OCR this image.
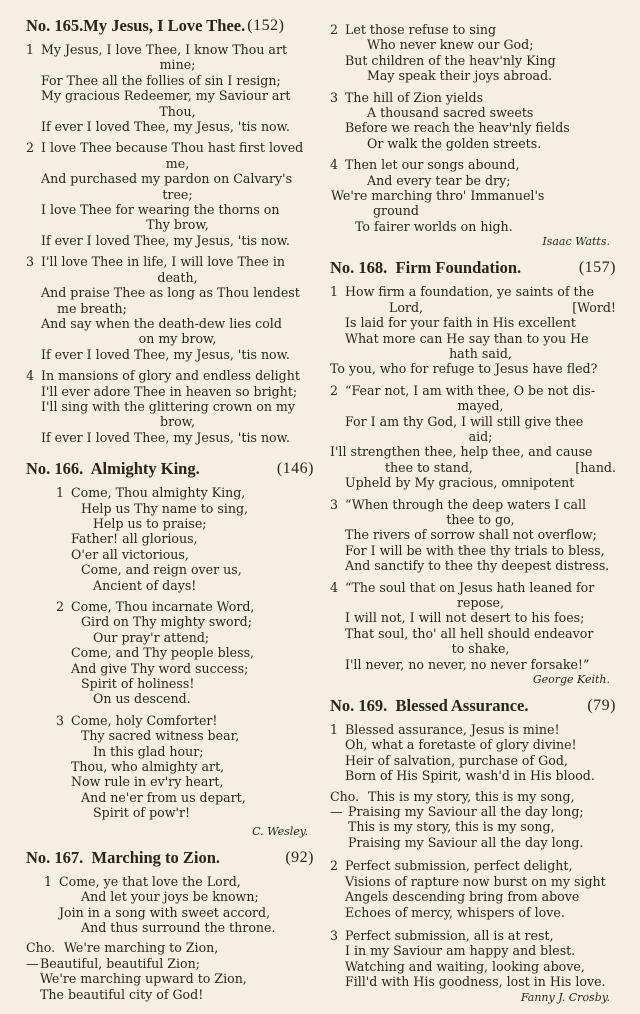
No. 165.My Jesus, I Love Thee. (152)
1 My Jesus, I love Thee, I know Thou art
mine;
For Thee all the follies of sin I resign;
My gracious Redeemer, my Saviour art
Thou,
If ever I loved Thee, my Jesus, 'tis now.
2 I love Thee because Thou hast first loved
me,
And purchased my pardon on Calvary's
tree;
I love Thee for wearing the thorns on
Thy brow,
If ever I loved Thee, my Jesus, 'tis now.
3 I'll love Thee in life, I will love Thee in
death,
And praise Thee as long as Thou lendest
me breath;
And say when the death-dew lies cold
on my brow,
If ever I loved Thee, my Jesus, 'tis now.
4 In mansions of glory and endless delight
I'll ever adore Thee in heaven so bright;
I'll sing with the glittering crown on my
brow,
If ever I loved Thee, my Jesus, 'tis now.
No. 166. Almighty King.	(146)
1 Come, Thou almighty King,
Help us Thy name to sing,
Help us to praise;
Father! all glorious,
O'er all victorious,
Come, and reign over us,
Ancient of days!
2 Come, Thou incarnate Word,
Gird on Thy mighty sword;
Our pray'r attend;
Come, and Thy people bless,
And give Thy word success;
Spirit of holiness!
On us descend.
3 Come, holy Comforter!
Thy sacred witness bear,
In this glad hour;
Thou, who almighty art,
Now rule in ev'ry heart,
And ne'er from us depart,
Spirit of pow'r!
C. Wesley.
No. 167. Marching to Zion.	(92)
1 Come, ye that love the Lord,
And let your joys be known;
Join in a song with sweet accord,
And thus surround the throne.
Cho.—
We're marching to Zion,
Beautiful, beautiful Zion;
We're marching upward to Zion,
The beautiful city of God!
2 Let those refuse to sing
Who never knew our God;
But children of the heav'nly King
May speak their joys abroad.
3 The hill of Zion yields
A thousand sacred sweets
Before we reach the heav'nly fields
Or walk the golden streets.
4 Then let our songs abound,
And every tear be dry;
We're marching thro' Immanuel's
ground
To fairer worlds on high.
Isaac Watts.
No. 168. Firm Foundation.	(157)
1 How firm a foundation, ye saints of the
Lord,	[Word!
Is laid for your faith in His excellent
What more can He say than to you He
hath said,
To you, who for refuge to Jesus have fled?
2 “Fear not, I am with thee, O be not dis-
mayed,
For I am thy God, I will still give thee
aid;
I'll strengthen thee, help thee, and cause
thee to stand,	[hand.
Upheld by My gracious, omnipotent
3 “When through the deep waters I call
thee to go,
The rivers of sorrow shall not overflow;
For I will be with thee thy trials to bless,
And sanctify to thee thy deepest distress.
4 “The soul that on Jesus hath leaned for
repose,
I will not, I will not desert to his foes;
That soul, tho' all hell should endeavor
to shake,
I'll never, no never, no never forsake!”
George Keith.
No. 169. Blessed Assurance.	(79)
1 Blessed assurance, Jesus is mine!
Oh, what a foretaste of glory divine!
Heir of salvation, purchase of God,
Born of His Spirit, wash'd in His blood.
Cho.—
This is my story, this is my song,
Praising my Saviour all the day long;
This is my story, this is my song,
Praising my Saviour all the day long.
2 Perfect submission, perfect delight,
Visions of rapture now burst on my sight
Angels descending bring from above
Echoes of mercy, whispers of love.
3 Perfect submission, all is at rest,
I in my Saviour am happy and blest.
Watching and waiting, looking above,
Fill'd with His goodness, lost in His love.
Fanny J. Crosby.
